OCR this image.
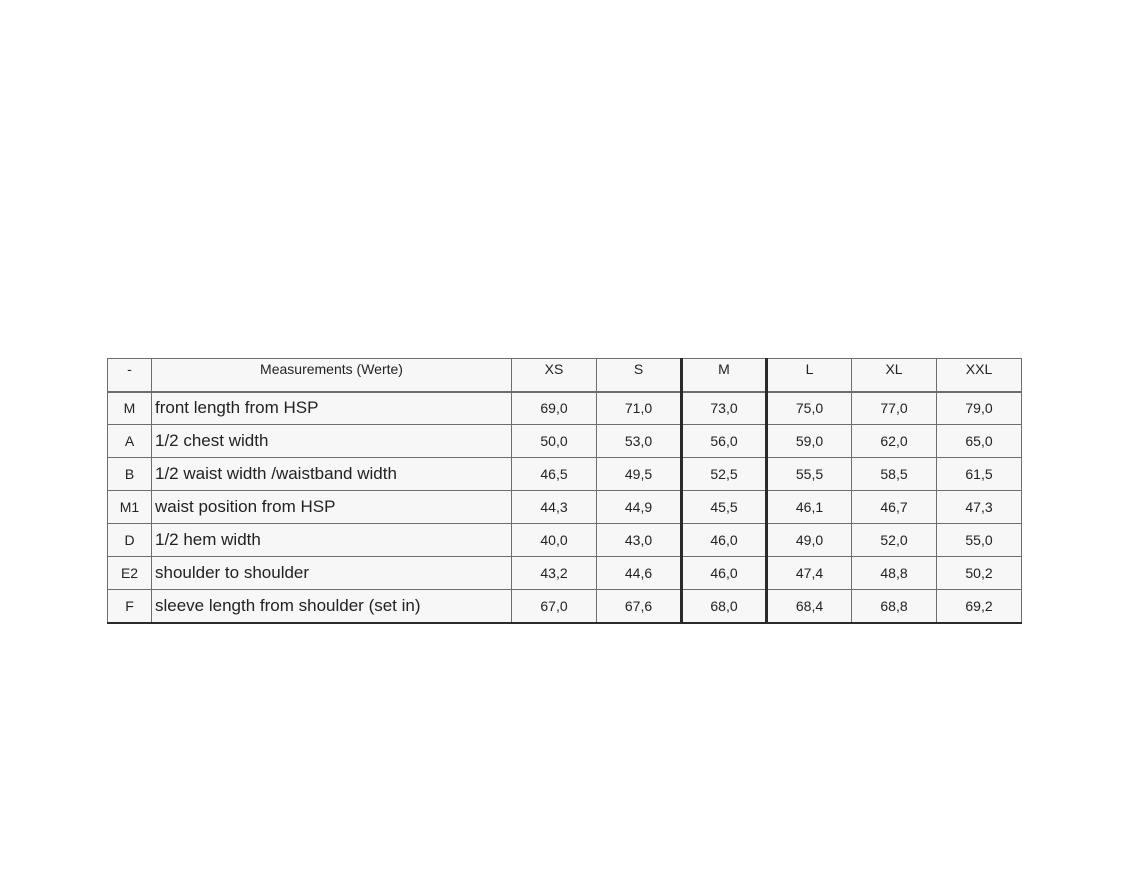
-	Measurements (Werte)	XS	S	M	L	XL	XXL
M	front length from HSP	69,0	71,0	73,0	75,0	77,0	79,0
A	1/2 chest width	50,0	53,0	56,0	59,0	62,0	65,0
B	1/2 waist width /waistband width	46,5	49,5	52,5	55,5	58,5	61,5
M1	waist position from HSP	44,3	44,9	45,5	46,1	46,7	47,3
D	1/2 hem width	40,0	43,0	46,0	49,0	52,0	55,0
E2	shoulder to shoulder	43,2	44,6	46,0	47,4	48,8	50,2
F	sleeve length from shoulder (set in)	67,0	67,6	68,0	68,4	68,8	69,2
